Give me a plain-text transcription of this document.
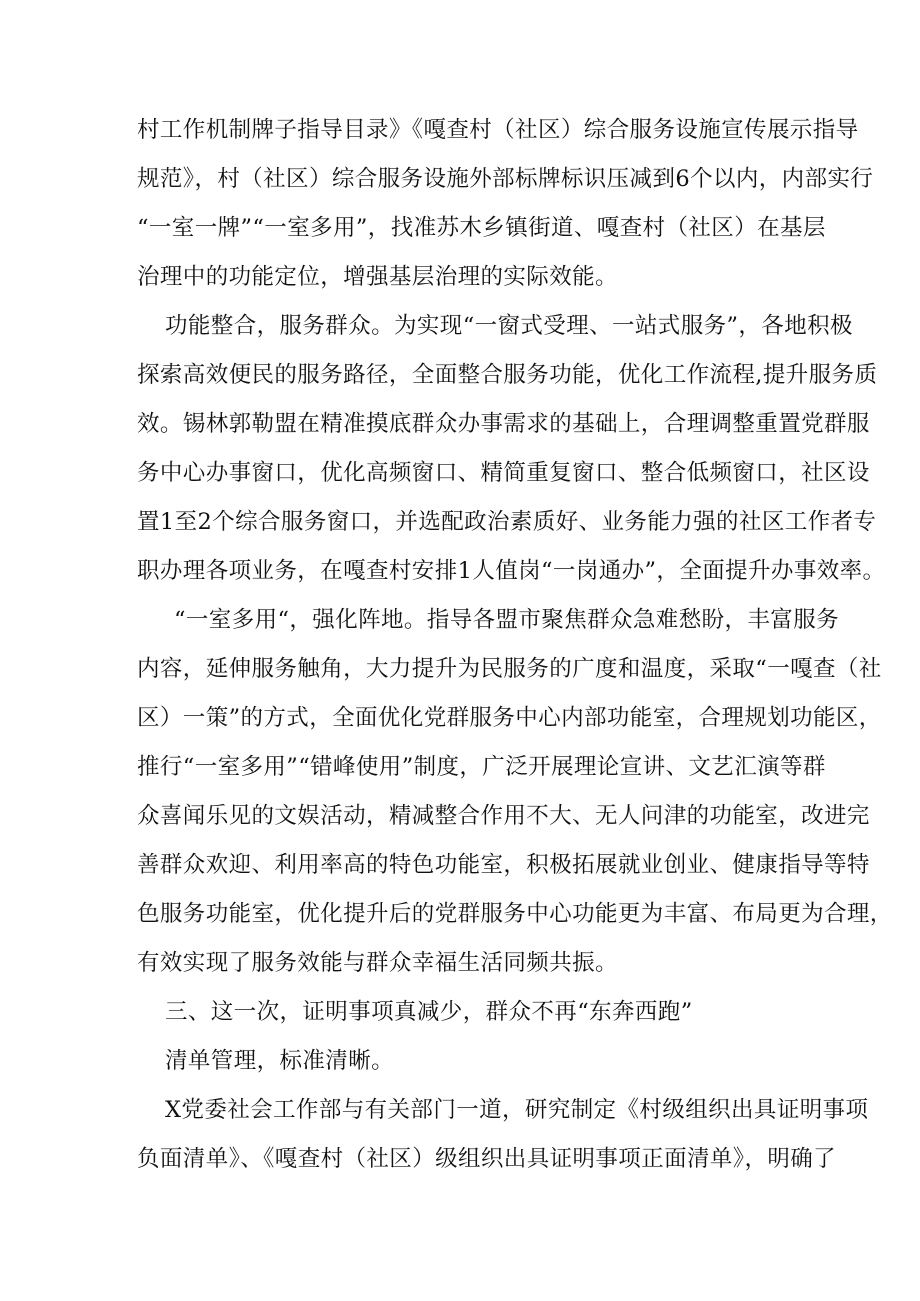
村工作机制牌子指导目录》《嘎查村（社区）综合服务设施宣传展示指导
规范》，村（社区）综合服务设施外部标牌标识压减到6个以内，内部实行
“一室一牌”“一室多用”，找准苏木乡镇街道、嘎查村（社区）在基层
治理中的功能定位，增强基层治理的实际效能。
功能整合，服务群众。为实现“一窗式受理、一站式服务”，各地积极
探索高效便民的服务路径，全面整合服务功能，优化工作流程,提升服务质
效。锡林郭勒盟在精准摸底群众办事需求的基础上，合理调整重置党群服
务中心办事窗口，优化高频窗口、精简重复窗口、整合低频窗口，社区设
置1至2个综合服务窗口，并选配政治素质好、业务能力强的社区工作者专
职办理各项业务，在嘎查村安排1人值岗“一岗通办”，全面提升办事效率。
“一室多用“，强化阵地。指导各盟市聚焦群众急难愁盼，丰富服务
内容，延伸服务触角，大力提升为民服务的广度和温度，采取“一嘎查（社
区）一策”的方式，全面优化党群服务中心内部功能室，合理规划功能区，
推行“一室多用”“错峰使用”制度，广泛开展理论宣讲、文艺汇演等群
众喜闻乐见的文娱活动，精减整合作用不大、无人问津的功能室，改进完
善群众欢迎、利用率高的特色功能室，积极拓展就业创业、健康指导等特
色服务功能室，优化提升后的党群服务中心功能更为丰富、布局更为合理，
有效实现了服务效能与群众幸福生活同频共振。
三、这一次，证明事项真减少，群众不再“东奔西跑”
清单管理，标准清晰。
X党委社会工作部与有关部门一道，研究制定《村级组织出具证明事项
负面清单》、《嘎查村（社区）级组织出具证明事项正面清单》，明确了
